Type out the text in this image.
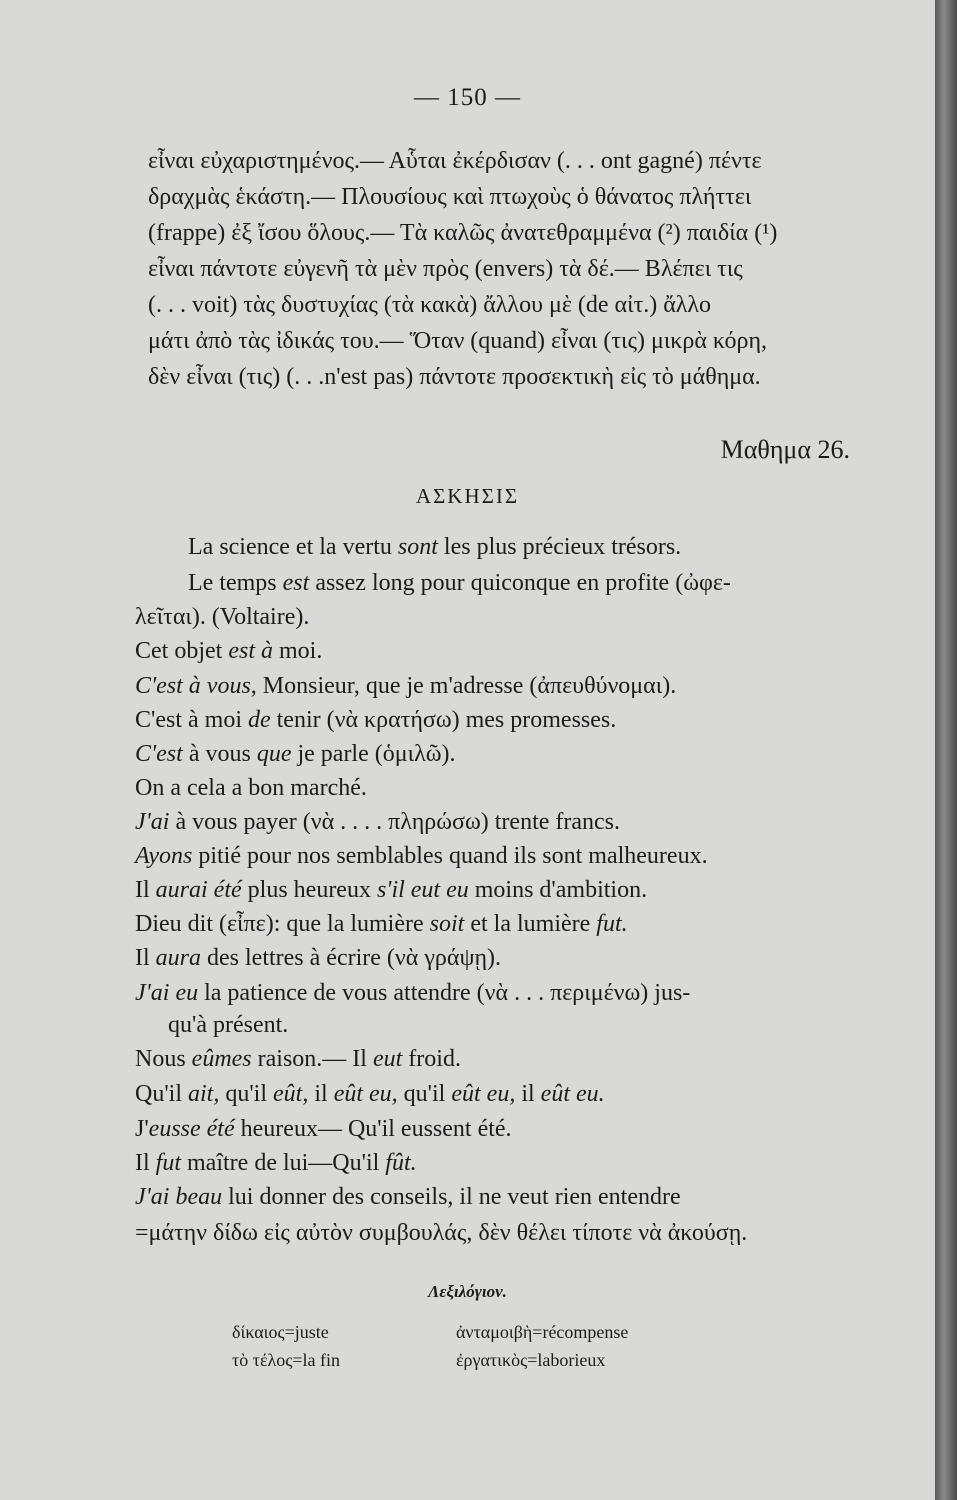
— 150 —
εἶναι εὐχαριστημένος.— Αὗται ἐκέρδισαν (. . . ont gagné) πέντε
δραχμὰς ἑκάστη.— Πλουσίους καὶ πτωχοὺς ὁ θάνατος πλήττει
(frappe) ἐξ ἴσου ὅλους.— Τὰ καλῶς ἀνατεθραμμένα (²) παιδία (¹)
εἶναι πάντοτε εὐγενῆ τὰ μὲν πρὸς (envers) τὰ δέ.— Βλέπει τις
(. . . voit) τὰς δυστυχίας (τὰ κακὰ) ἄλλου μὲ (de αἰτ.) ἄλλο
μάτι ἀπὸ τὰς ἰδικάς του.— Ὅταν (quand) εἶναι (τις) μικρὰ κόρη,
δὲν εἶναι (τις) (. . .n'est pas) πάντοτε προσεκτικὴ εἰς τὸ μάθημα.
Μαθημα 26.
ΑΣΚΗΣΙΣ
La science et la vertu sont les plus précieux trésors.
Le temps est assez long pour quiconque en profite (ὠφε-
λεῖται). (Voltaire).
Cet objet est à moi.
C'est à vous, Monsieur, que je m'adresse (ἀπευθύνομαι).
C'est à moi de tenir (νὰ κρατήσω) mes promesses.
C'est à vous que je parle (ὁμιλῶ).
On a cela a bon marché.
J'ai à vous payer (νὰ . . . . πληρώσω) trente francs.
Ayons pitié pour nos semblables quand ils sont malheureux.
Il aurai été plus heureux s'il eut eu moins d'ambition.
Dieu dit (εἶπε): que la lumière soit et la lumière fut.
Il aura des lettres à écrire (νὰ γράψῃ).
J'ai eu la patience de vous attendre (νὰ . . . περιμένω) jus-
qu'à présent.
Nous eûmes raison.— Il eut froid.
Qu'il ait, qu'il eût, il eût eu, qu'il eût eu, il eût eu.
J'eusse été heureux— Qu'il eussent été.
Il fut maître de lui—Qu'il fût.
J'ai beau lui donner des conseils, il ne veut rien entendre
=μάτην δίδω εἰς αὐτὸν συμβουλάς, δὲν θέλει τίποτε νὰ ἀκούσῃ.
Λεξιλόγιον.
δίκαιος=juste	ἀνταμοιβὴ=récompense
τὸ τέλος=la fin	ἐργατικὸς=laborieux
